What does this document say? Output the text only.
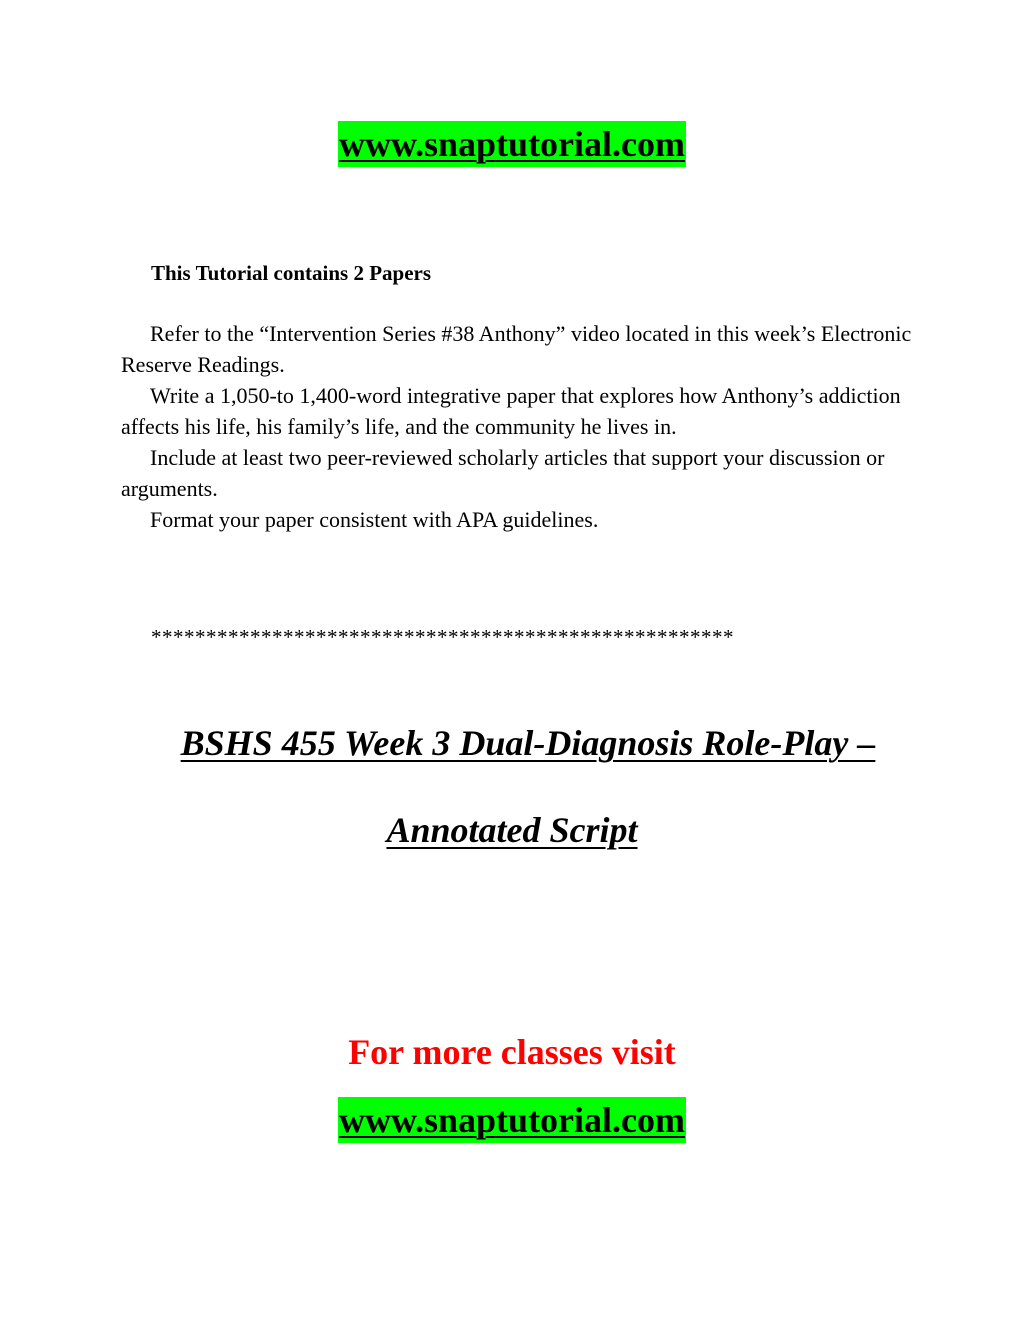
www.snaptutorial.com
This Tutorial contains 2 Papers

Refer to the “Intervention Series #38 Anthony” video located in this week’s Electronic Reserve Readings.

Write a 1,050-to 1,400-word integrative paper that explores how Anthony’s addiction affects his life, his family’s life, and the community he lives in.

Include at least two peer-reviewed scholarly articles that support your discussion or arguments.

Format your paper consistent with APA guidelines.

*****************************************************
BSHS 455 Week 3 Dual-Diagnosis Role-Play –
Annotated Script
For more classes visit
www.snaptutorial.com
